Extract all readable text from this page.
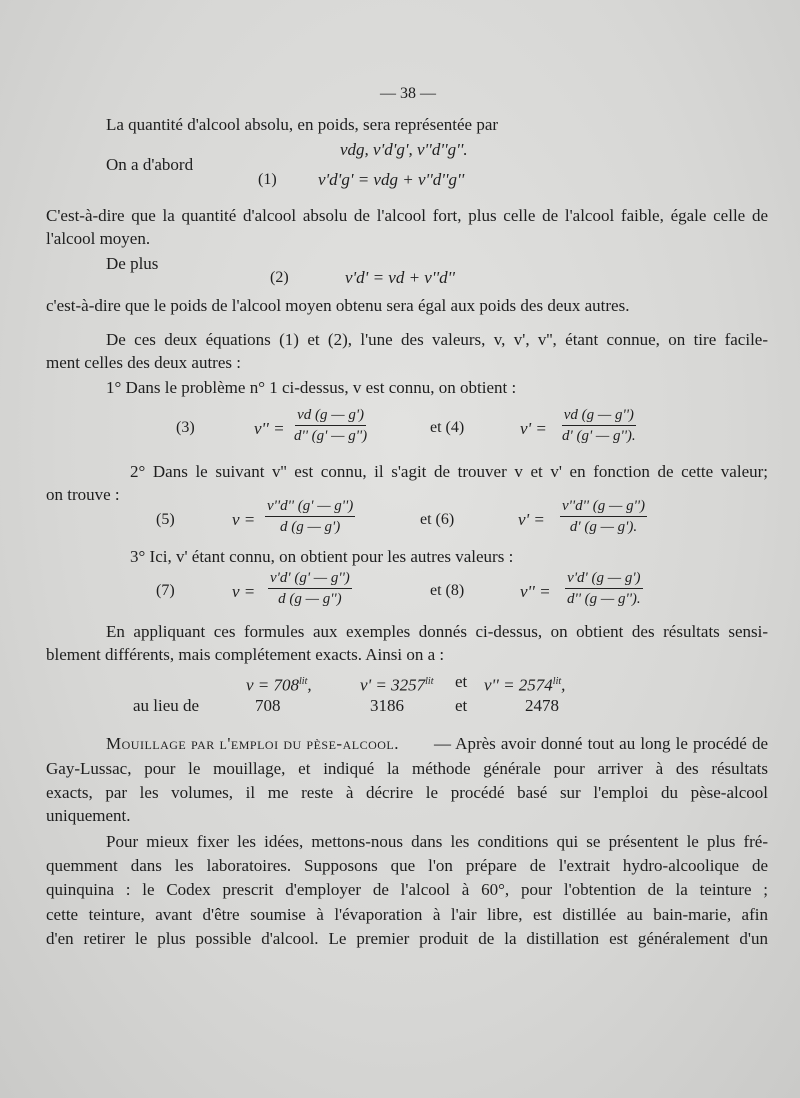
— 38 —
La quantité d'alcool absolu, en poids, sera représentée par
vdg, v'd'g', v''d''g''.
On a d'abord
(1) v'd'g' = vdg + v''d''g''
C'est-à-dire que la quantité d'alcool absolu de l'alcool fort, plus celle de l'alcool faible, égale celle de
l'alcool moyen.
De plus
(2)	v'd' = vd + v''d''
c'est-à-dire que le poids de l'alcool moyen obtenu sera égal aux poids des deux autres.
De ces deux équations (1) et (2), l'une des valeurs, v, v', v'', étant connue, on tire facile-
ment celles des deux autres :
1° Dans le problème n° 1 ci-dessus, v est connu, on obtient :
(3)	$v'' = \frac{vd (g — g')}{d'' (g' — g'')}$	et (4)	$v' = \frac{vd (g — g'')}{d' (g' — g'').}$
2° Dans le suivant v'' est connu, il s'agit de trouver v et v' en fonction de cette valeur;
on trouve :
(5)	$v = \frac{v''d'' (g' — g'')}{d (g — g')}$	et (6)	$v' = \frac{v''d'' (g — g'')}{d' (g — g').}$
3° Ici, v' étant connu, on obtient pour les autres valeurs :
(7)	$v = \frac{v'd' (g' — g'')}{d (g — g'')}$	et (8)	$v'' = \frac{v'd' (g — g')}{d'' (g — g'').}$
En appliquant ces formules aux exemples donnés ci-dessus, on obtient des résultats sensi-
blement différents, mais complétement exacts. Ainsi on a :
$v = 708^{lit}$,	$v' = 3257^{lit}$ et $v'' = 2574^{lit}$,
au lieu de	708	3186	et	2478
Mouillage par l'emploi du pèse-alcool. — Après avoir donné tout au long le procédé de
Gay-Lussac, pour le mouillage, et indiqué la méthode générale pour arriver à des résultats
exacts, par les volumes, il me reste à décrire le procédé basé sur l'emploi du pèse-alcool
uniquement.
Pour mieux fixer les idées, mettons-nous dans les conditions qui se présentent le plus fré-
quemment dans les laboratoires. Supposons que l'on prépare de l'extrait hydro-alcoolique de
quinquina : le Codex prescrit d'employer de l'alcool à 60°, pour l'obtention de la teinture ;
cette teinture, avant d'être soumise à l'évaporation à l'air libre, est distillée au bain-marie, afin
d'en retirer le plus possible d'alcool. Le premier produit de la distillation est généralement d'un
